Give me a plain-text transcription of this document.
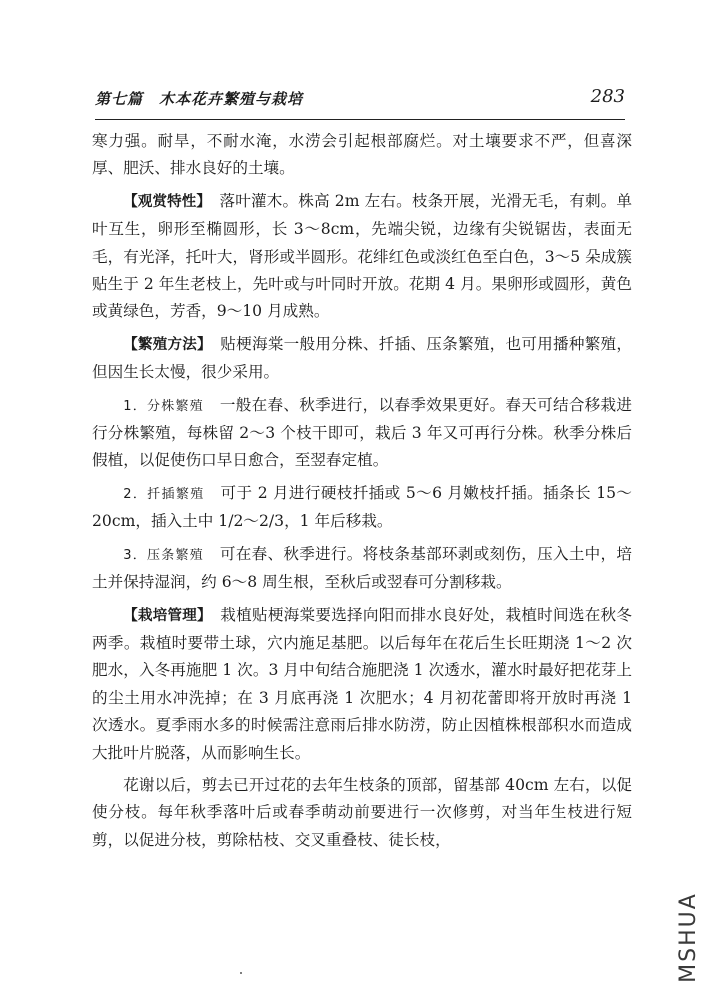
第七篇　木本花卉繁殖与栽培	283

寒力强。耐旱，不耐水淹，水涝会引起根部腐烂。对土壤要求不严，但喜深厚、肥沃、排水良好的土壤。

【观赏特性】　落叶灌木。株高 2m 左右。枝条开展，光滑无毛，有刺。单叶互生，卵形至椭圆形，长 3～8cm，先端尖锐，边缘有尖锐锯齿，表面无毛，有光泽，托叶大，肾形或半圆形。花绯红色或淡红色至白色，3～5 朵成簇贴生于 2 年生老枝上，先叶或与叶同时开放。花期 4 月。果卵形或圆形，黄色或黄绿色，芳香，9～10 月成熟。

【繁殖方法】　贴梗海棠一般用分株、扦插、压条繁殖，也可用播种繁殖，但因生长太慢，很少采用。

1．分株繁殖　一般在春、秋季进行，以春季效果更好。春天可结合移栽进行分株繁殖，每株留 2～3 个枝干即可，栽后 3 年又可再行分株。秋季分株后假植，以促使伤口早日愈合，至翌春定植。

2．扦插繁殖　可于 2 月进行硬枝扦插或 5～6 月嫩枝扦插。插条长 15～20cm，插入土中 1/2～2/3，1 年后移栽。

3．压条繁殖　可在春、秋季进行。将枝条基部环剥或刻伤，压入土中，培土并保持湿润，约 6～8 周生根，至秋后或翌春可分割移栽。

【栽培管理】　栽植贴梗海棠要选择向阳而排水良好处，栽植时间选在秋冬两季。栽植时要带土球，穴内施足基肥。以后每年在花后生长旺期浇 1～2 次肥水，入冬再施肥 1 次。3 月中旬结合施肥浇 1 次透水，灌水时最好把花芽上的尘土用水冲洗掉；在 3 月底再浇 1 次肥水；4 月初花蕾即将开放时再浇 1 次透水。夏季雨水多的时候需注意雨后排水防涝，防止因植株根部积水而造成大批叶片脱落，从而影响生长。

花谢以后，剪去已开过花的去年生枝条的顶部，留基部 40cm 左右，以促使分枝。每年秋季落叶后或春季萌动前要进行一次修剪，对当年生枝进行短剪，以促进分枝，剪除枯枝、交叉重叠枝、徒长枝，

MSHUA
